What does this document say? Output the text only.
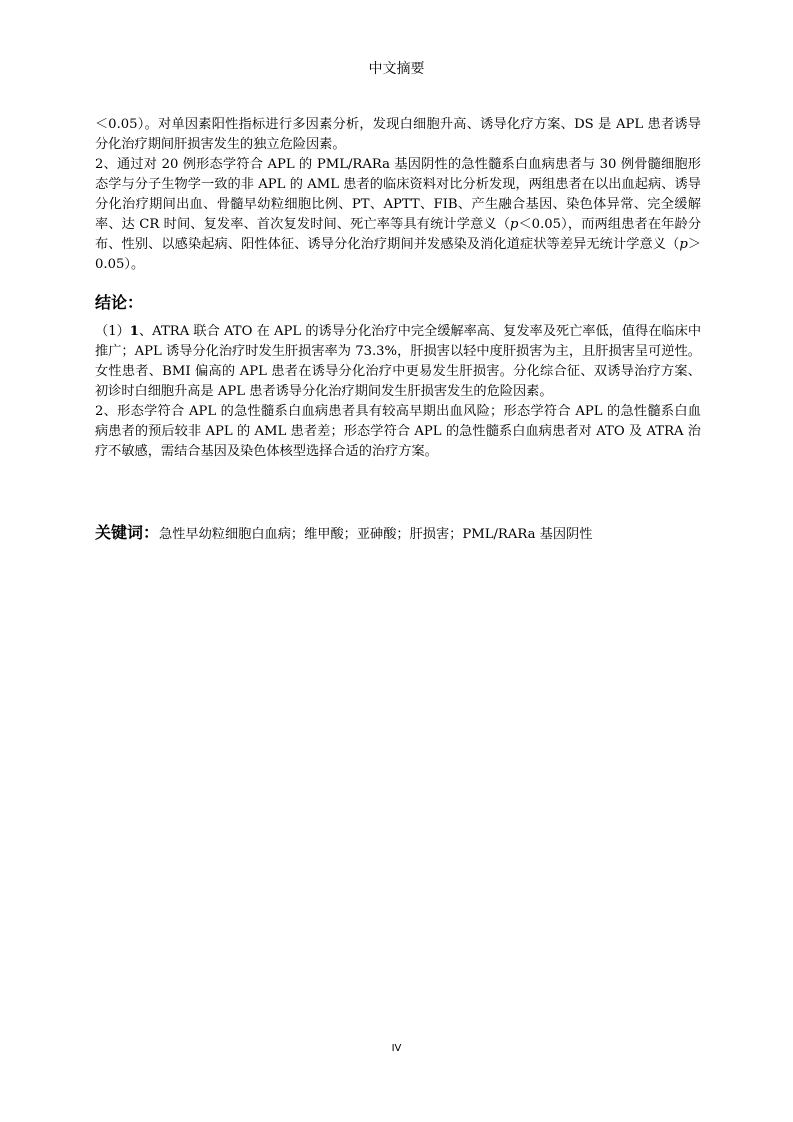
中文摘要

＜0.05）。对单因素阳性指标进行多因素分析，发现白细胞升高、诱导化疗方案、DS 是 APL 患者诱导分化治疗期间肝损害发生的独立危险因素。

2、通过对 20 例形态学符合 APL 的 PML/RARa 基因阴性的急性髓系白血病患者与 30 例骨髓细胞形态学与分子生物学一致的非 APL 的 AML 患者的临床资料对比分析发现，两组患者在以出血起病、诱导分化治疗期间出血、骨髓早幼粒细胞比例、PT、APTT、FIB、产生融合基因、染色体异常、完全缓解率、达 CR 时间、复发率、首次复发时间、死亡率等具有统计学意义（p＜0.05），而两组患者在年龄分布、性别、以感染起病、阳性体征、诱导分化治疗期间并发感染及消化道症状等差异无统计学意义（p＞0.05）。

结论：

（1）1、ATRA 联合 ATO 在 APL 的诱导分化治疗中完全缓解率高、复发率及死亡率低，值得在临床中推广；APL 诱导分化治疗时发生肝损害率为 73.3%，肝损害以轻中度肝损害为主，且肝损害呈可逆性。女性患者、BMI 偏高的 APL 患者在诱导分化治疗中更易发生肝损害。分化综合征、双诱导治疗方案、初诊时白细胞升高是 APL 患者诱导分化治疗期间发生肝损害发生的危险因素。

2、形态学符合 APL 的急性髓系白血病患者具有较高早期出血风险；形态学符合 APL 的急性髓系白血病患者的预后较非 APL 的 AML 患者差；形态学符合 APL 的急性髓系白血病患者对 ATO 及 ATRA 治疗不敏感，需结合基因及染色体核型选择合适的治疗方案。

关键词：急性早幼粒细胞白血病；维甲酸；亚砷酸；肝损害；PML/RARa 基因阴性
IV
